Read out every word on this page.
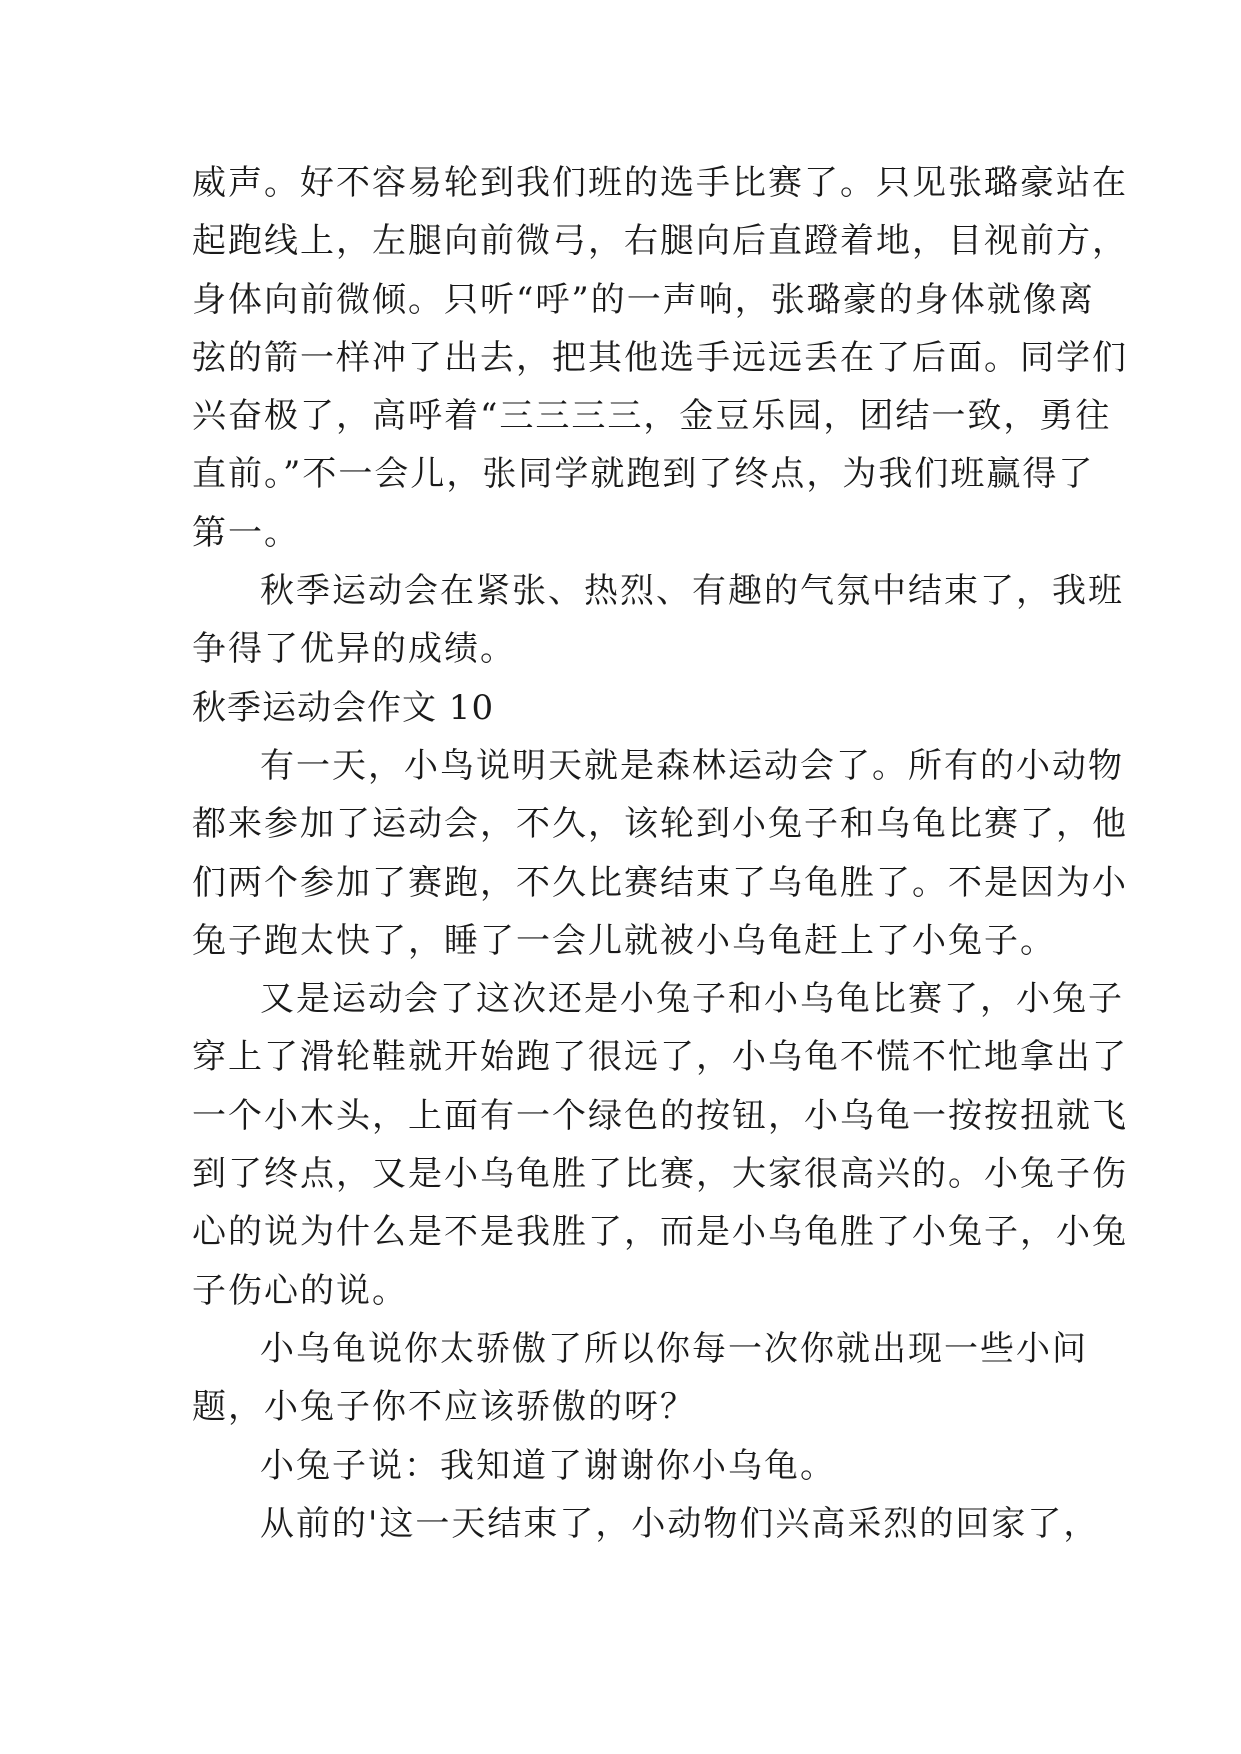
威声。好不容易轮到我们班的选手比赛了。只见张璐豪站在
起跑线上，左腿向前微弓，右腿向后直蹬着地，目视前方，
身体向前微倾。只听“呼”的一声响，张璐豪的身体就像离
弦的箭一样冲了出去，把其他选手远远丢在了后面。同学们
兴奋极了，高呼着“三三三三，金豆乐园，团结一致，勇往
直前。”不一会儿，张同学就跑到了终点，为我们班赢得了
第一。
秋季运动会在紧张、热烈、有趣的气氛中结束了，我班
争得了优异的成绩。
秋季运动会作文 10
有一天，小鸟说明天就是森林运动会了。所有的小动物
都来参加了运动会，不久，该轮到小兔子和乌龟比赛了，他
们两个参加了赛跑，不久比赛结束了乌龟胜了。不是因为小
兔子跑太快了，睡了一会儿就被小乌龟赶上了小兔子。
又是运动会了这次还是小兔子和小乌龟比赛了，小兔子
穿上了滑轮鞋就开始跑了很远了，小乌龟不慌不忙地拿出了
一个小木头，上面有一个绿色的按钮，小乌龟一按按扭就飞
到了终点，又是小乌龟胜了比赛，大家很高兴的。小兔子伤
心的说为什么是不是我胜了，而是小乌龟胜了小兔子，小兔
子伤心的说。
小乌龟说你太骄傲了所以你每一次你就出现一些小问
题，小兔子你不应该骄傲的呀？
小兔子说：我知道了谢谢你小乌龟。
从前的'这一天结束了，小动物们兴高采烈的回家了，
